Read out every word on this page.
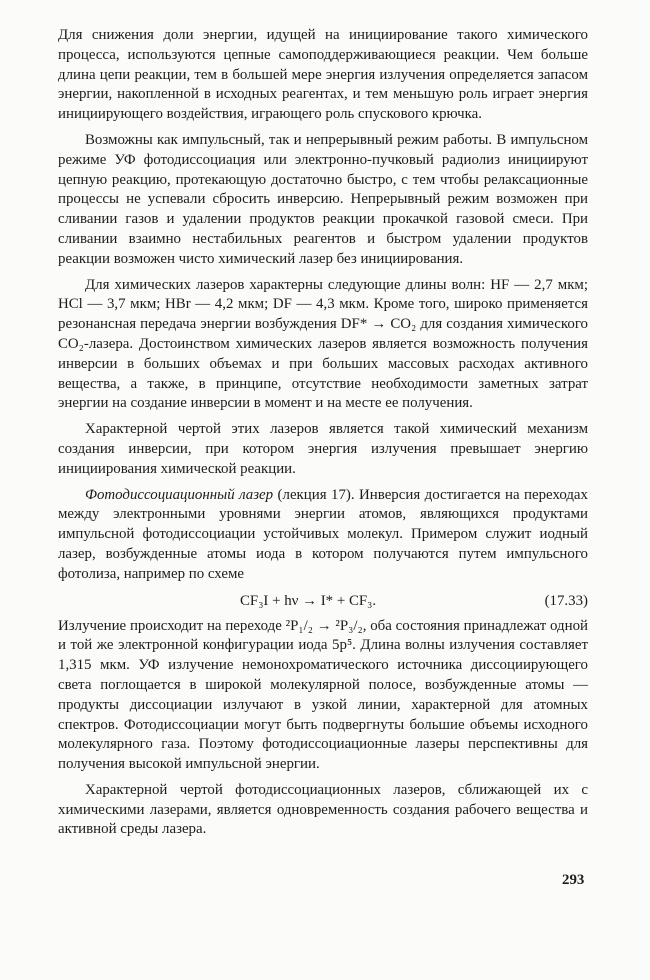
Для снижения доли энергии, идущей на инициирование такого химического процесса, используются цепные самоподдерживающиеся реакции. Чем больше длина цепи реакции, тем в большей мере энергия излучения определяется запасом энергии, накопленной в исходных реагентах, и тем меньшую роль играет энергия инициирующего воздействия, играющего роль спускового крючка.

Возможны как импульсный, так и непрерывный режим работы. В импульсном режиме УФ фотодиссоциация или электронно-пучковый радиолиз инициируют цепную реакцию, протекающую достаточно быстро, с тем чтобы релаксационные процессы не успевали сбросить инверсию. Непрерывный режим возможен при сливании газов и удалении продуктов реакции прокачкой газовой смеси. При сливании взаимно нестабильных реагентов и быстром удалении продуктов реакции возможен чисто химический лазер без инициирования.

Для химических лазеров характерны следующие длины волн: HF — 2,7 мкм; HCl — 3,7 мкм; HBr — 4,2 мкм; DF — 4,3 мкм. Кроме того, широко применяется резонансная передача энергии возбуждения DF* → CO₂ для создания химического CO₂-лазера. Достоинством химических лазеров является возможность получения инверсии в больших объемах и при больших массовых расходах активного вещества, а также, в принципе, отсутствие необходимости заметных затрат энергии на создание инверсии в момент и на месте ее получения.

Характерной чертой этих лазеров является такой химический механизм создания инверсии, при котором энергия излучения превышает энергию инициирования химической реакции.

Фотодиссоциационный лазер (лекция 17). Инверсия достигается на переходах между электронными уровнями энергии атомов, являющихся продуктами импульсной фотодиссоциации устойчивых молекул. Примером служит иодный лазер, возбужденные атомы иода в котором получаются путем импульсного фотолиза, например по схеме

CF₃I + hν → I* + CF₃.	(17.33)

Излучение происходит на переходе ²P₁/₂ → ²P₃/₂, оба состояния принадлежат одной и той же электронной конфигурации иода 5p⁵. Длина волны излучения составляет 1,315 мкм. УФ излучение немонохроматического источника диссоциирующего света поглощается в широкой молекулярной полосе, возбужденные атомы — продукты диссоциации излучают в узкой линии, характерной для атомных спектров. Фотодиссоциации могут быть подвергнуты большие объемы исходного молекулярного газа. Поэтому фотодиссоциационные лазеры перспективны для получения высокой импульсной энергии.

Характерной чертой фотодиссоциационных лазеров, сближающей их с химическими лазерами, является одновременность создания рабочего вещества и активной среды лазера.

293
